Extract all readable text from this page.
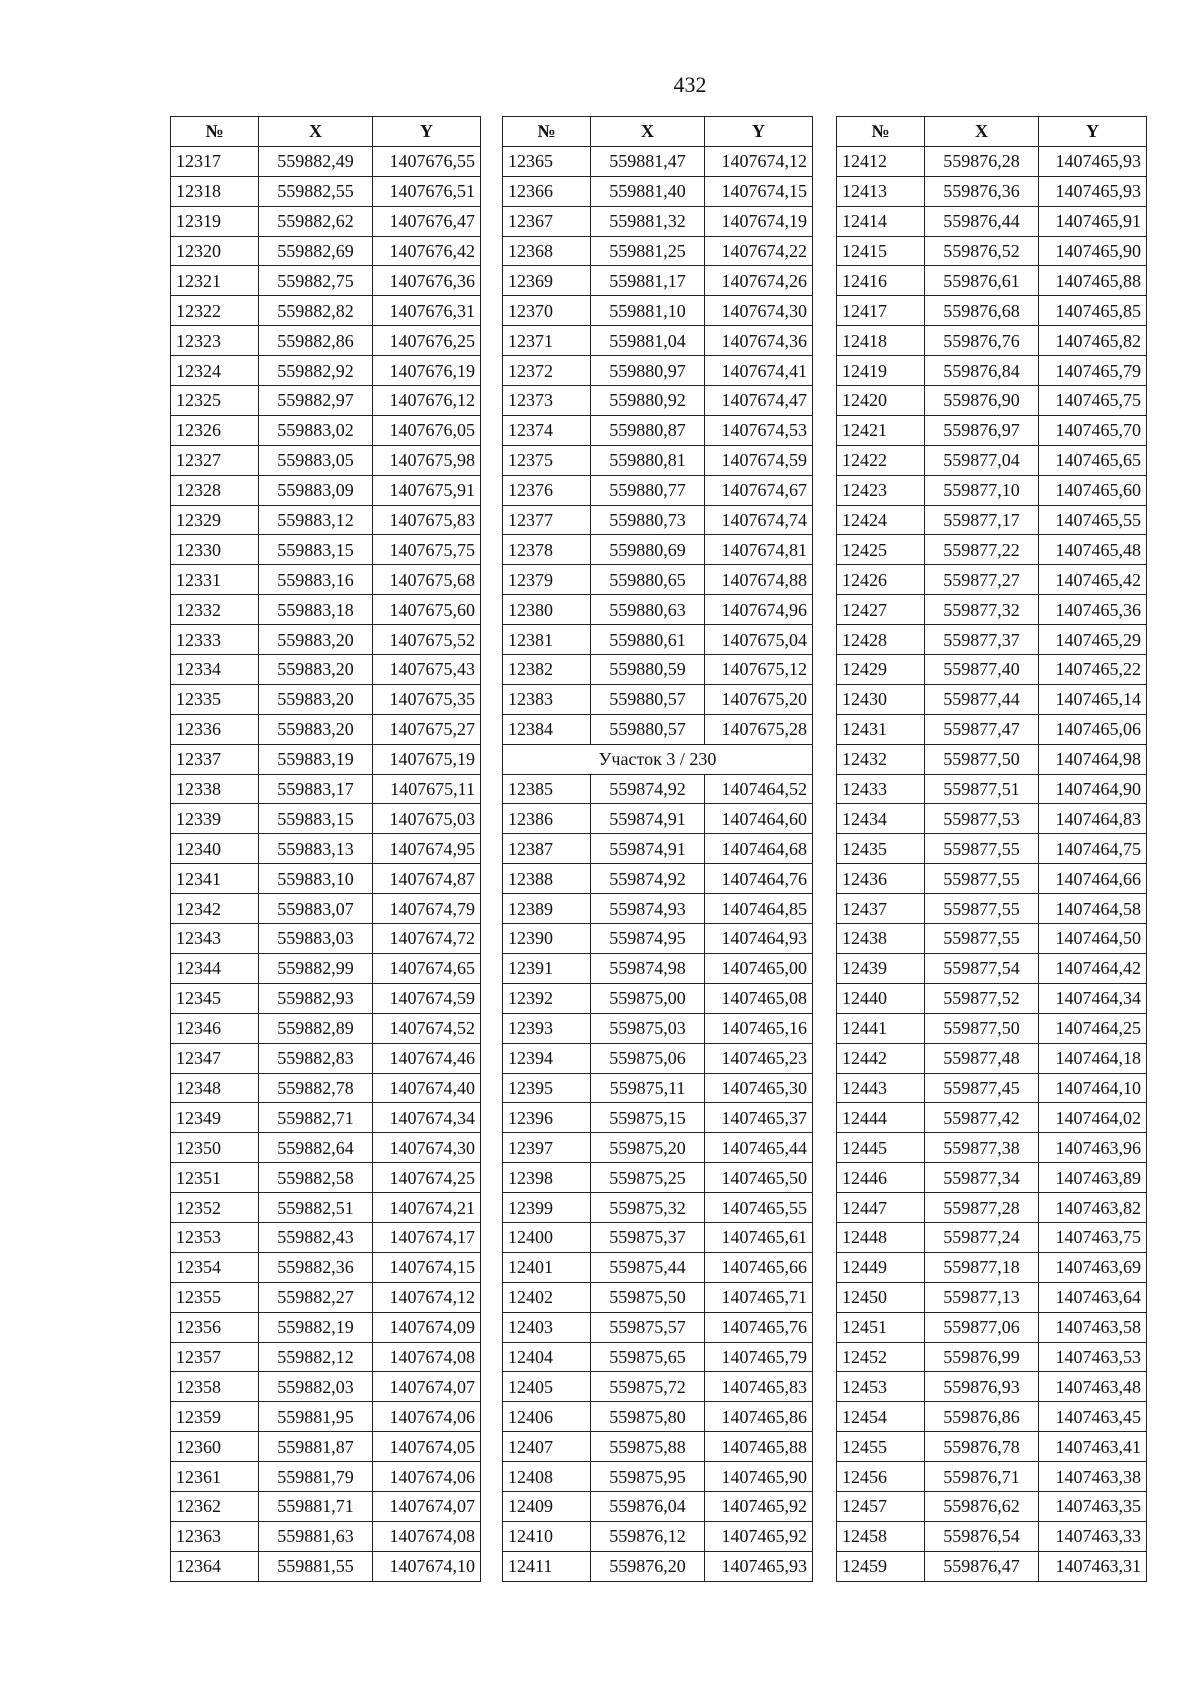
432
№	X	Y
12317	559882,49	1407676,55
12318	559882,55	1407676,51
12319	559882,62	1407676,47
12320	559882,69	1407676,42
12321	559882,75	1407676,36
12322	559882,82	1407676,31
12323	559882,86	1407676,25
12324	559882,92	1407676,19
12325	559882,97	1407676,12
12326	559883,02	1407676,05
12327	559883,05	1407675,98
12328	559883,09	1407675,91
12329	559883,12	1407675,83
12330	559883,15	1407675,75
12331	559883,16	1407675,68
12332	559883,18	1407675,60
12333	559883,20	1407675,52
12334	559883,20	1407675,43
12335	559883,20	1407675,35
12336	559883,20	1407675,27
12337	559883,19	1407675,19
12338	559883,17	1407675,11
12339	559883,15	1407675,03
12340	559883,13	1407674,95
12341	559883,10	1407674,87
12342	559883,07	1407674,79
12343	559883,03	1407674,72
12344	559882,99	1407674,65
12345	559882,93	1407674,59
12346	559882,89	1407674,52
12347	559882,83	1407674,46
12348	559882,78	1407674,40
12349	559882,71	1407674,34
12350	559882,64	1407674,30
12351	559882,58	1407674,25
12352	559882,51	1407674,21
12353	559882,43	1407674,17
12354	559882,36	1407674,15
12355	559882,27	1407674,12
12356	559882,19	1407674,09
12357	559882,12	1407674,08
12358	559882,03	1407674,07
12359	559881,95	1407674,06
12360	559881,87	1407674,05
12361	559881,79	1407674,06
12362	559881,71	1407674,07
12363	559881,63	1407674,08
12364	559881,55	1407674,10
№	X	Y
12365	559881,47	1407674,12
12366	559881,40	1407674,15
12367	559881,32	1407674,19
12368	559881,25	1407674,22
12369	559881,17	1407674,26
12370	559881,10	1407674,30
12371	559881,04	1407674,36
12372	559880,97	1407674,41
12373	559880,92	1407674,47
12374	559880,87	1407674,53
12375	559880,81	1407674,59
12376	559880,77	1407674,67
12377	559880,73	1407674,74
12378	559880,69	1407674,81
12379	559880,65	1407674,88
12380	559880,63	1407674,96
12381	559880,61	1407675,04
12382	559880,59	1407675,12
12383	559880,57	1407675,20
12384	559880,57	1407675,28
Участок 3 / 230		
12385	559874,92	1407464,52
12386	559874,91	1407464,60
12387	559874,91	1407464,68
12388	559874,92	1407464,76
12389	559874,93	1407464,85
12390	559874,95	1407464,93
12391	559874,98	1407465,00
12392	559875,00	1407465,08
12393	559875,03	1407465,16
12394	559875,06	1407465,23
12395	559875,11	1407465,30
12396	559875,15	1407465,37
12397	559875,20	1407465,44
12398	559875,25	1407465,50
12399	559875,32	1407465,55
12400	559875,37	1407465,61
12401	559875,44	1407465,66
12402	559875,50	1407465,71
12403	559875,57	1407465,76
12404	559875,65	1407465,79
12405	559875,72	1407465,83
12406	559875,80	1407465,86
12407	559875,88	1407465,88
12408	559875,95	1407465,90
12409	559876,04	1407465,92
12410	559876,12	1407465,92
12411	559876,20	1407465,93
№	X	Y
12412	559876,28	1407465,93
12413	559876,36	1407465,93
12414	559876,44	1407465,91
12415	559876,52	1407465,90
12416	559876,61	1407465,88
12417	559876,68	1407465,85
12418	559876,76	1407465,82
12419	559876,84	1407465,79
12420	559876,90	1407465,75
12421	559876,97	1407465,70
12422	559877,04	1407465,65
12423	559877,10	1407465,60
12424	559877,17	1407465,55
12425	559877,22	1407465,48
12426	559877,27	1407465,42
12427	559877,32	1407465,36
12428	559877,37	1407465,29
12429	559877,40	1407465,22
12430	559877,44	1407465,14
12431	559877,47	1407465,06
12432	559877,50	1407464,98
12433	559877,51	1407464,90
12434	559877,53	1407464,83
12435	559877,55	1407464,75
12436	559877,55	1407464,66
12437	559877,55	1407464,58
12438	559877,55	1407464,50
12439	559877,54	1407464,42
12440	559877,52	1407464,34
12441	559877,50	1407464,25
12442	559877,48	1407464,18
12443	559877,45	1407464,10
12444	559877,42	1407464,02
12445	559877,38	1407463,96
12446	559877,34	1407463,89
12447	559877,28	1407463,82
12448	559877,24	1407463,75
12449	559877,18	1407463,69
12450	559877,13	1407463,64
12451	559877,06	1407463,58
12452	559876,99	1407463,53
12453	559876,93	1407463,48
12454	559876,86	1407463,45
12455	559876,78	1407463,41
12456	559876,71	1407463,38
12457	559876,62	1407463,35
12458	559876,54	1407463,33
12459	559876,47	1407463,31
